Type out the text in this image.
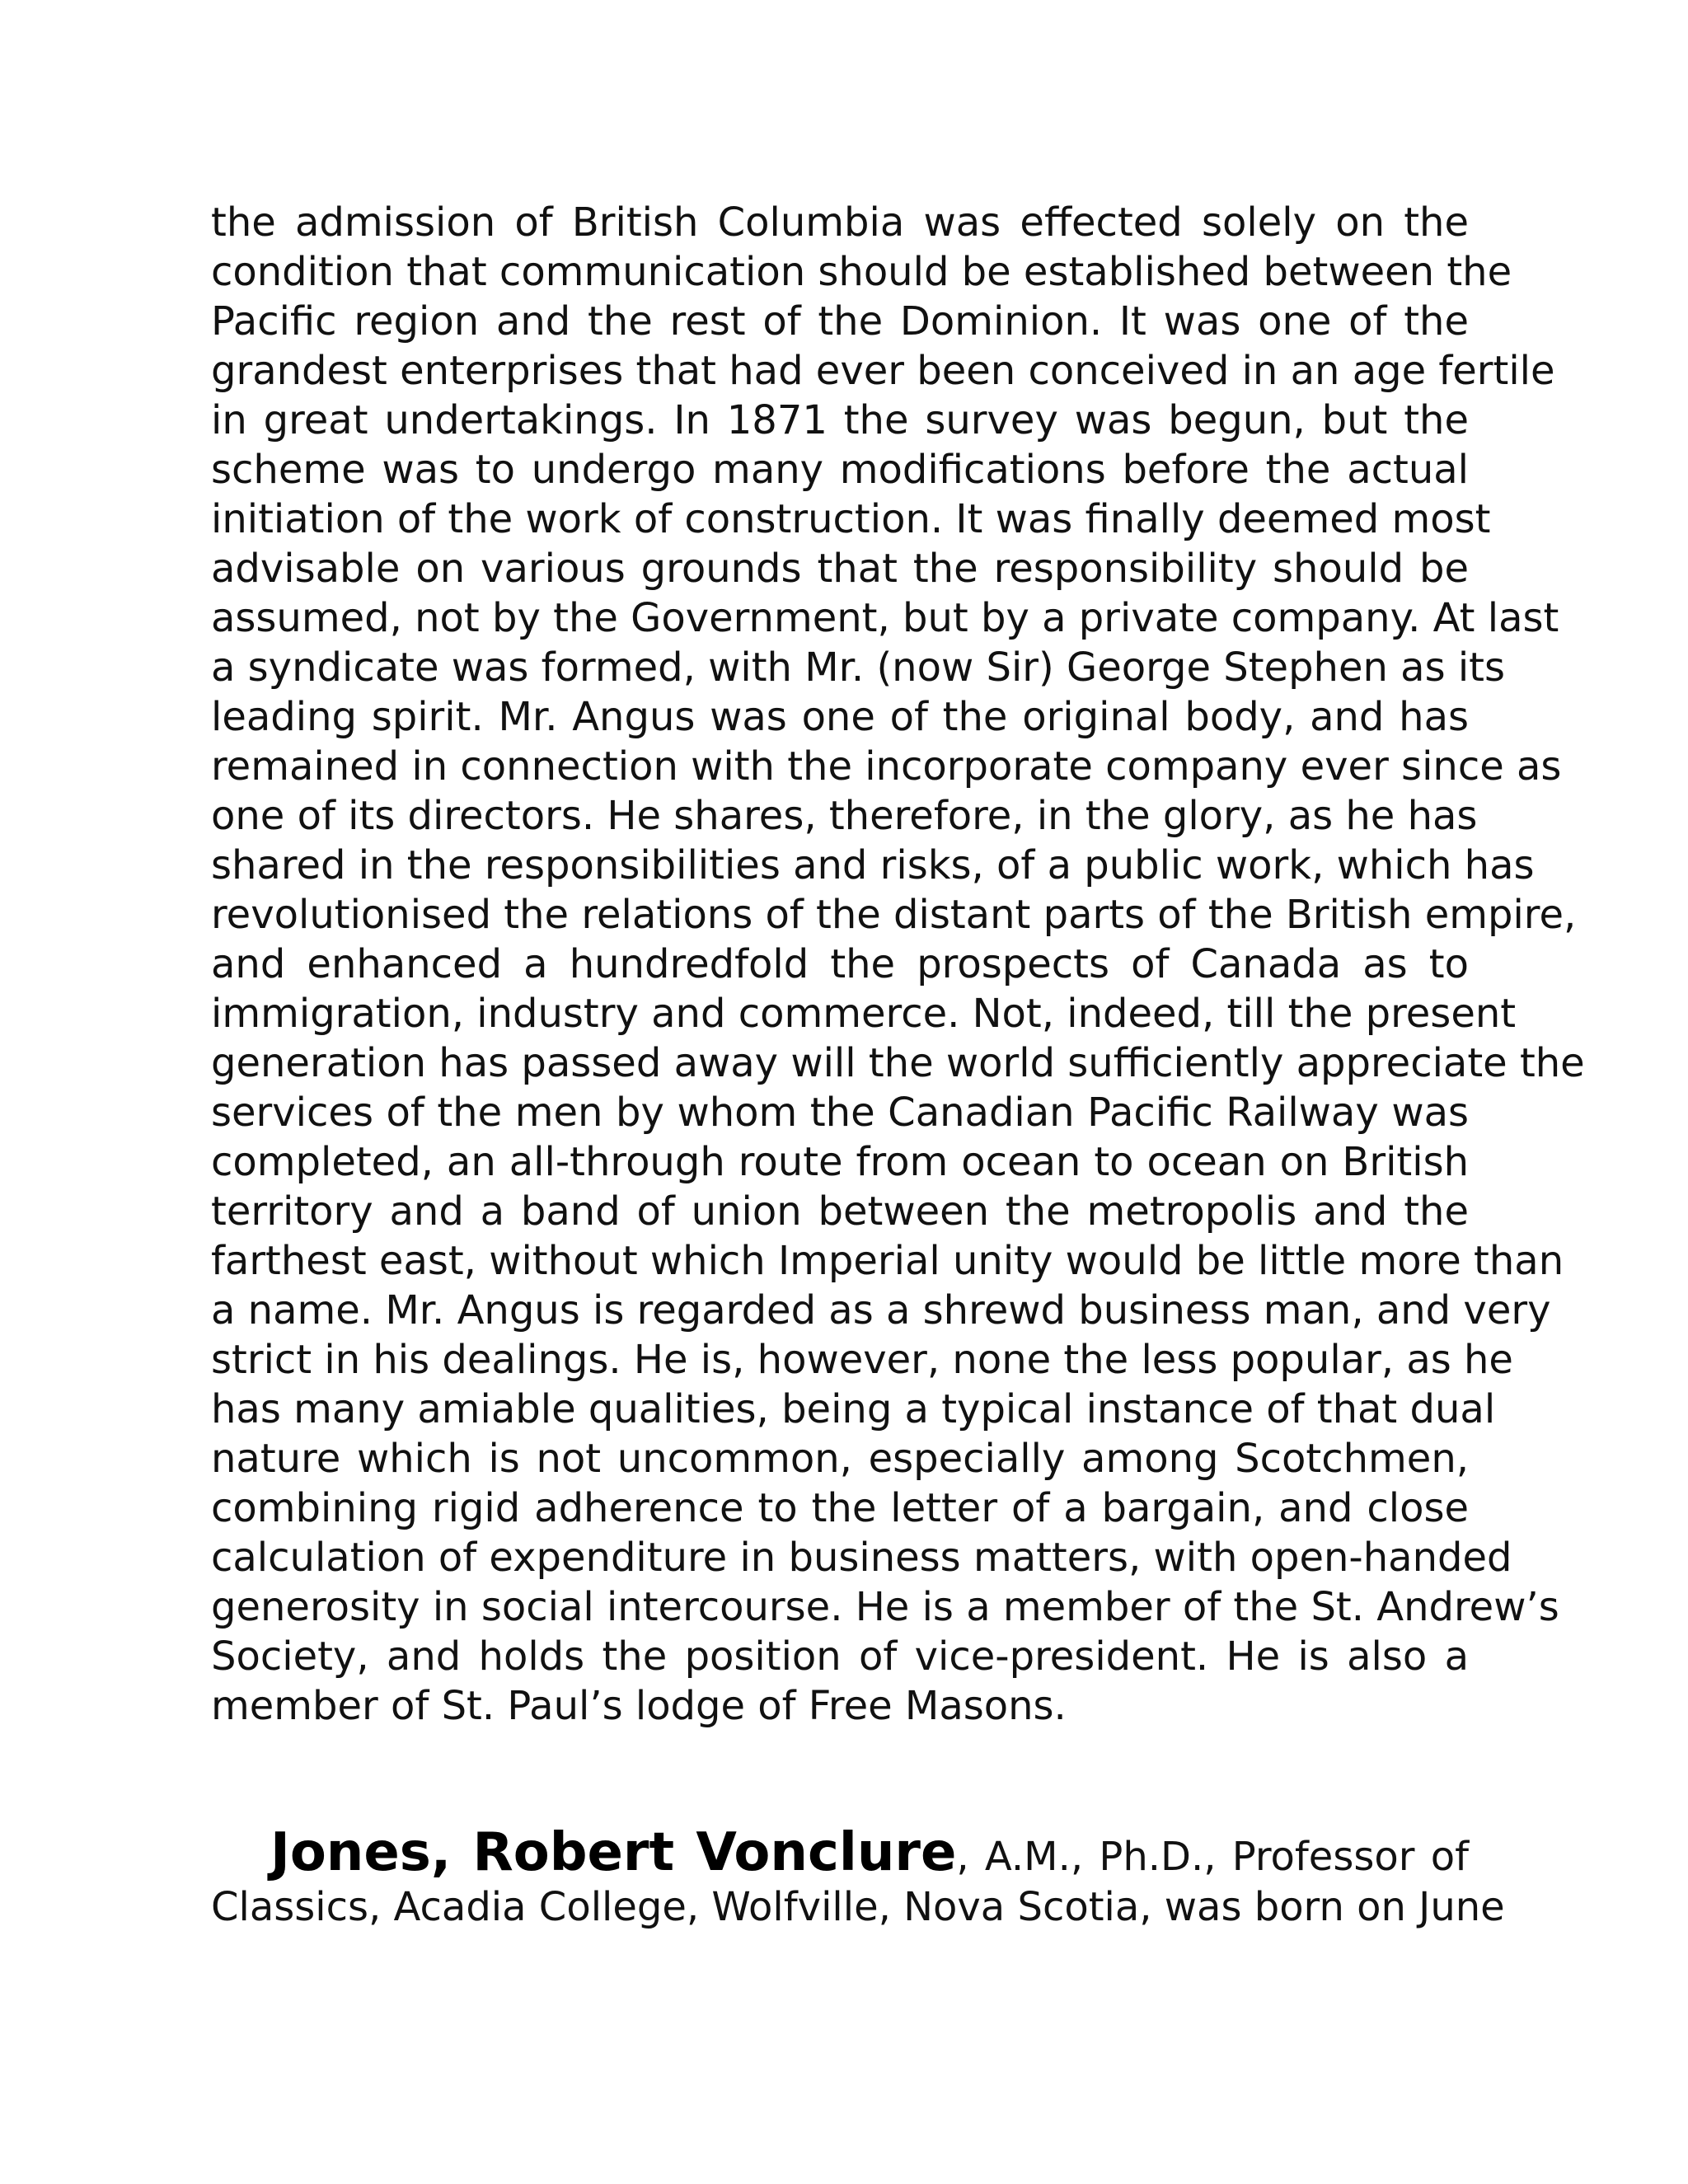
the admission of British Columbia was effected solely on the
condition that communication should be established between the
Pacific region and the rest of the Dominion. It was one of the
grandest enterprises that had ever been conceived in an age fertile
in great undertakings. In 1871 the survey was begun, but the
scheme was to undergo many modifications before the actual
initiation of the work of construction. It was finally deemed most
advisable on various grounds that the responsibility should be
assumed, not by the Government, but by a private company. At last
a syndicate was formed, with Mr. (now Sir) George Stephen as its
leading spirit. Mr. Angus was one of the original body, and has
remained in connection with the incorporate company ever since as
one of its directors. He shares, therefore, in the glory, as he has
shared in the responsibilities and risks, of a public work, which has
revolutionised the relations of the distant parts of the British empire,
and enhanced a hundredfold the prospects of Canada as to
immigration, industry and commerce. Not, indeed, till the present
generation has passed away will the world sufficiently appreciate the
services of the men by whom the Canadian Pacific Railway was
completed, an all-through route from ocean to ocean on British
territory and a band of union between the metropolis and the
farthest east, without which Imperial unity would be little more than
a name. Mr. Angus is regarded as a shrewd business man, and very
strict in his dealings. He is, however, none the less popular, as he
has many amiable qualities, being a typical instance of that dual
nature which is not uncommon, especially among Scotchmen,
combining rigid adherence to the letter of a bargain, and close
calculation of expenditure in business matters, with open-handed
generosity in social intercourse. He is a member of the St. Andrew’s
Society, and holds the position of vice-president. He is also a
member of St. Paul’s lodge of Free Masons.
Jones, Robert Vonclure, A.M., Ph.D., Professor of
Classics, Acadia College, Wolfville, Nova Scotia, was born on June
